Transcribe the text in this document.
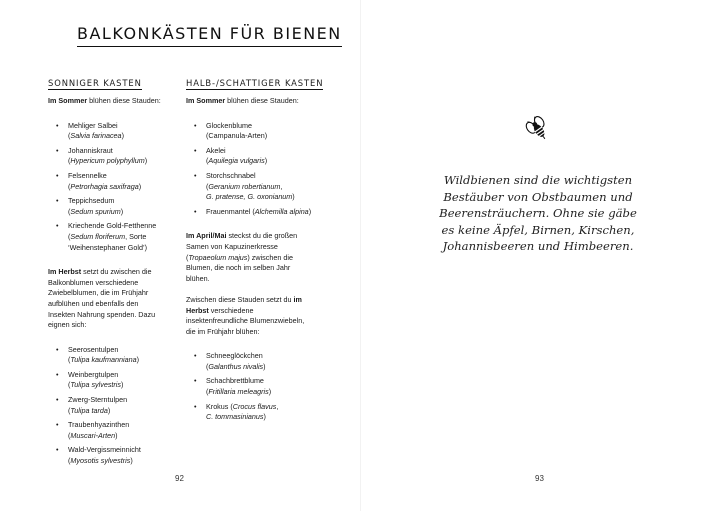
BALKONKÄSTEN FÜR BIENEN
SONNIGER KASTEN

Im Sommer blühen diese Stauden:

• Mehliger Salbei
(Salvia farinacea)
• Johanniskraut
(Hypericum polyphyllum)
• Felsennelke
(Petrorhagia saxifraga)
• Teppichsedum
(Sedum spurium)
• Kriechende Gold-Fetthenne
(Sedum floriferum, Sorte ‘Weihenstephaner Gold’)

Im Herbst setzt du zwischen die Balkonblumen verschiedene Zwiebelblumen, die im Frühjahr aufblühen und ebenfalls den Insekten Nahrung spenden. Dazu eignen sich:

• Seerosentulpen
(Tulipa kaufmanniana)
• Weinbergtulpen
(Tulipa sylvestris)
• Zwerg-Sterntulpen
(Tulipa tarda)
• Traubenhyazinthen
(Muscari-Arten)
• Wald-Vergissmeinnicht
(Myosotis sylvestris)
HALB-/SCHATTIGER KASTEN

Im Sommer blühen diese Stauden:

• Glockenblume
(Campanula-Arten)
• Akelei
(Aquilegia vulgaris)
• Storchschnabel
(Geranium robertianum,
G. pratense, G. oxonianum)
• Frauenmantel (Alchemilla alpina)

Im April/Mai steckst du die großen Samen von Kapuzinerkresse (Tropaeolum majus) zwischen die Blumen, die noch im selben Jahr blühen.

Zwischen diese Stauden setzt du im Herbst verschiedene insektenfreundliche Blumenzwiebeln, die im Frühjahr blühen:

• Schneeglöckchen
(Galanthus nivalis)
• Schachbrettblume
(Fritillaria meleagris)
• Krokus (Crocus flavus,
C. tommasinianus)
92
Wildbienen sind die wichtigsten Bestäuber von Obstbaumen und Beerensträuchern. Ohne sie gäbe es keine Äpfel, Birnen, Kirschen, Johannisbeeren und Himbeeren.
93
